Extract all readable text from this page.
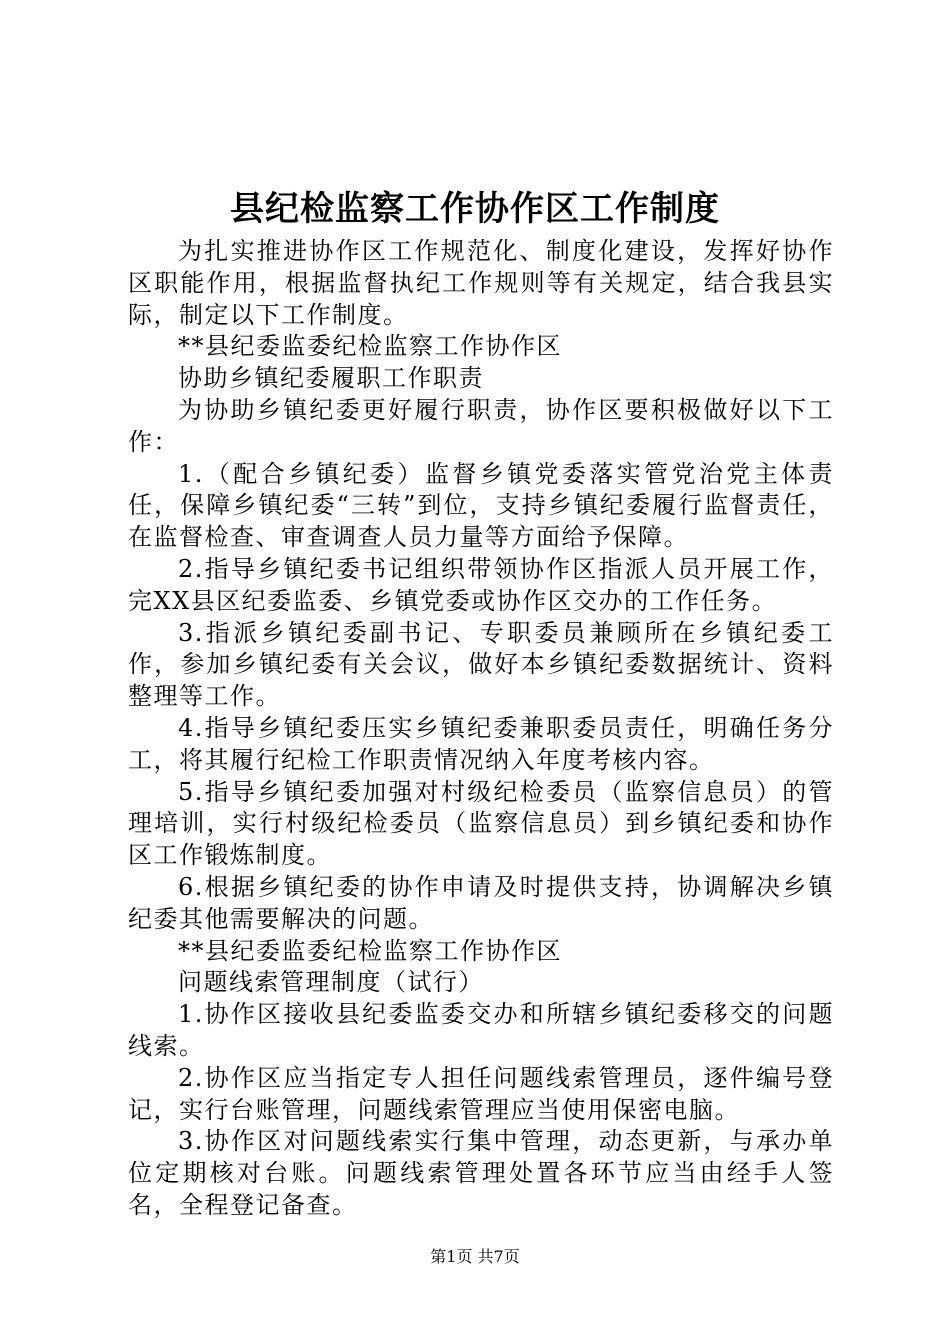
县纪检监察工作协作区工作制度

为扎实推进协作区工作规范化、制度化建设，发挥好协作区职能作用，根据监督执纪工作规则等有关规定，结合我县实际，制定以下工作制度。

**县纪委监委纪检监察工作协作区

协助乡镇纪委履职工作职责

为协助乡镇纪委更好履行职责，协作区要积极做好以下工作：

1.（配合乡镇纪委）监督乡镇党委落实管党治党主体责任，保障乡镇纪委“三转”到位，支持乡镇纪委履行监督责任，在监督检查、审查调查人员力量等方面给予保障。

2.指导乡镇纪委书记组织带领协作区指派人员开展工作，完XX县区纪委监委、乡镇党委或协作区交办的工作任务。

3.指派乡镇纪委副书记、专职委员兼顾所在乡镇纪委工作，参加乡镇纪委有关会议，做好本乡镇纪委数据统计、资料整理等工作。

4.指导乡镇纪委压实乡镇纪委兼职委员责任，明确任务分工，将其履行纪检工作职责情况纳入年度考核内容。

5.指导乡镇纪委加强对村级纪检委员（监察信息员）的管理培训，实行村级纪检委员（监察信息员）到乡镇纪委和协作区工作锻炼制度。

6.根据乡镇纪委的协作申请及时提供支持，协调解决乡镇纪委其他需要解决的问题。

**县纪委监委纪检监察工作协作区

问题线索管理制度（试行）

1.协作区接收县纪委监委交办和所辖乡镇纪委移交的问题线索。

2.协作区应当指定专人担任问题线索管理员，逐件编号登记，实行台账管理，问题线索管理应当使用保密电脑。

3.协作区对问题线索实行集中管理，动态更新，与承办单位定期核对台账。问题线索管理处置各环节应当由经手人签名，全程登记备查。

第1页 共7页
